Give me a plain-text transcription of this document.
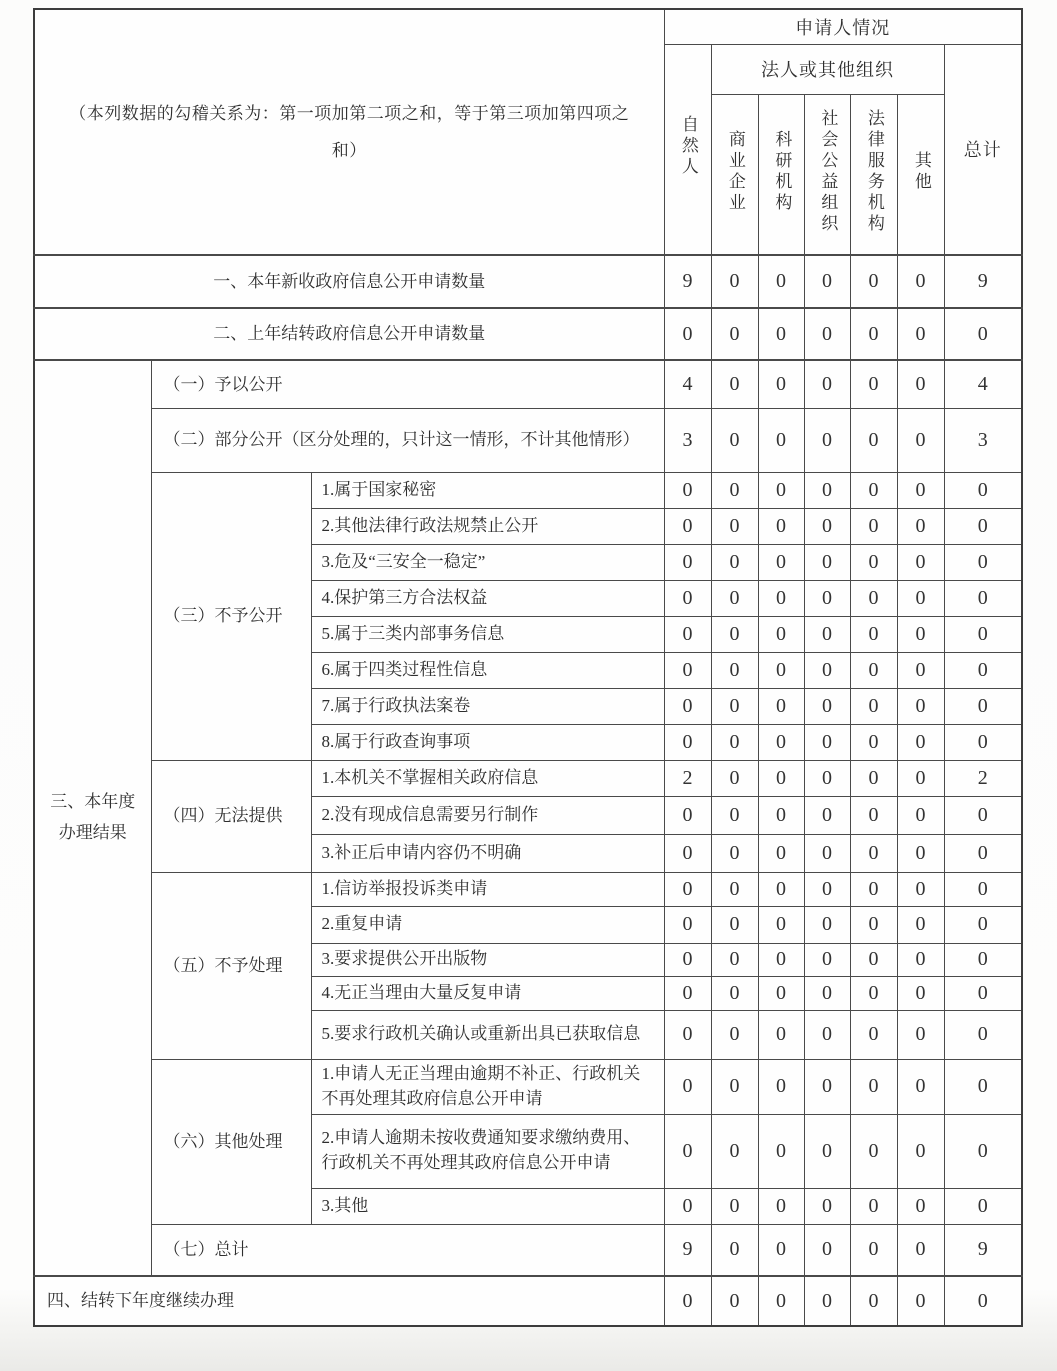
（本列数据的勾稽关系为：第一项加第二项之和，等于第三项加第四项之和）			申请人情况						
			自然人	法人或其他组织					总计
				商业企业	科研机构	社会公益组织	法律服务机构	其他	
一、本年新收政府信息公开申请数量			9	0	0	0	0	0	9
二、上年结转政府信息公开申请数量			0	0	0	0	0	0	0
三、本年度办理结果	（一）予以公开		4	0	0	0	0	0	4
	（二）部分公开（区分处理的，只计这一情形，不计其他情形）		3	0	0	0	0	0	3
	（三）不予公开	1.属于国家秘密	0	0	0	0	0	0	0
		2.其他法律行政法规禁止公开	0	0	0	0	0	0	0
		3.危及“三安全一稳定”	0	0	0	0	0	0	0
		4.保护第三方合法权益	0	0	0	0	0	0	0
		5.属于三类内部事务信息	0	0	0	0	0	0	0
		6.属于四类过程性信息	0	0	0	0	0	0	0
		7.属于行政执法案卷	0	0	0	0	0	0	0
		8.属于行政查询事项	0	0	0	0	0	0	0
	（四）无法提供	1.本机关不掌握相关政府信息	2	0	0	0	0	0	2
		2.没有现成信息需要另行制作	0	0	0	0	0	0	0
		3.补正后申请内容仍不明确	0	0	0	0	0	0	0
	（五）不予处理	1.信访举报投诉类申请	0	0	0	0	0	0	0
		2.重复申请	0	0	0	0	0	0	0
		3.要求提供公开出版物	0	0	0	0	0	0	0
		4.无正当理由大量反复申请	0	0	0	0	0	0	0
		5.要求行政机关确认或重新出具已获取信息	0	0	0	0	0	0	0
	（六）其他处理	1.申请人无正当理由逾期不补正、行政机关不再处理其政府信息公开申请	0	0	0	0	0	0	0
		2.申请人逾期未按收费通知要求缴纳费用、行政机关不再处理其政府信息公开申请	0	0	0	0	0	0	0
		3.其他	0	0	0	0	0	0	0
	（七）总计		9	0	0	0	0	0	9
四、结转下年度继续办理			0	0	0	0	0	0	0
